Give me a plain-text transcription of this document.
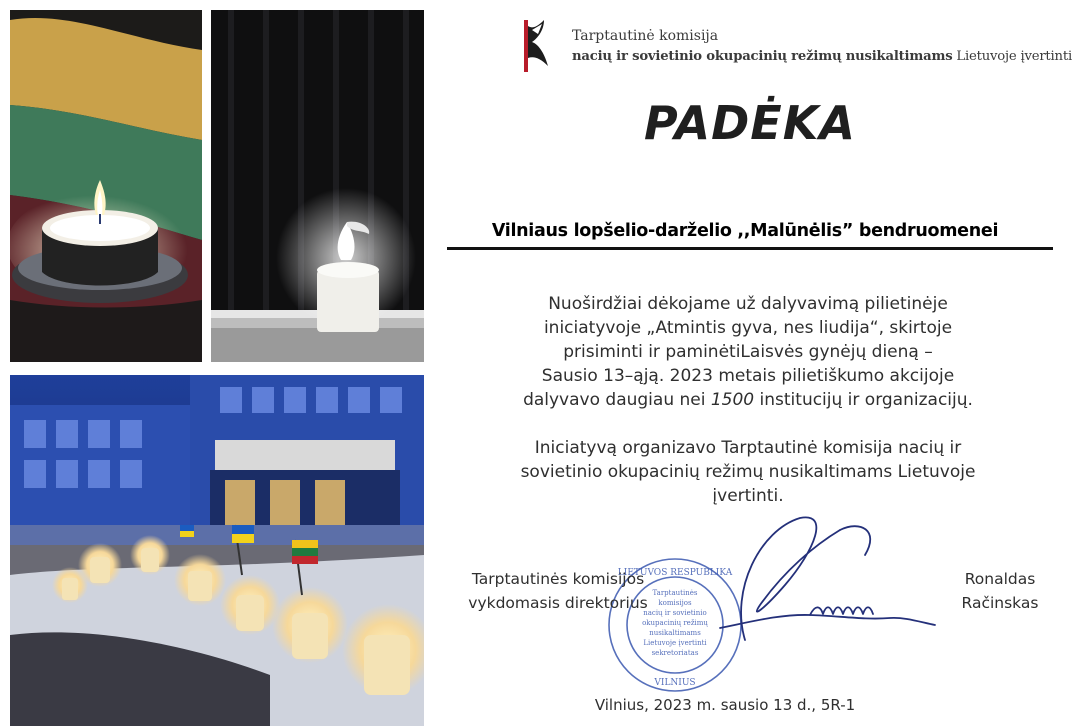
Tarptautinė komisija
nacių ir sovietinio okupacinių režimų nusikaltimams Lietuvoje įvertinti
PADĖKA
Vilniaus lopšelio-darželio ,,Malūnėlis” bendruomenei
Nuoširdžiai dėkojame už dalyvavimą pilietinėje
iniciatyvoje „Atmintis gyva, nes liudija“, skirtoje
prisiminti ir paminėtiLaisvės gynėjų dieną –
Sausio 13–ąją. 2023 metais pilietiškumo akcijoje
dalyvavo daugiau nei 1500 institucijų ir organizacijų.
Iniciatyvą organizavo Tarptautinė komisija nacių ir
sovietinio okupacinių režimų nusikaltimams Lietuvoje
įvertinti.
LIETUVOS RESPUBLIKA
VILNIUS
Tarptautinės
komisijos
nacių ir sovietinio
okupacinių režimų
nusikaltimams
Lietuvoje įvertinti
sekretoriatas
Tarptautinės komisijos
vykdomasis direktorius
Ronaldas
Račinskas
Vilnius, 2023 m. sausio 13 d., 5R-1
